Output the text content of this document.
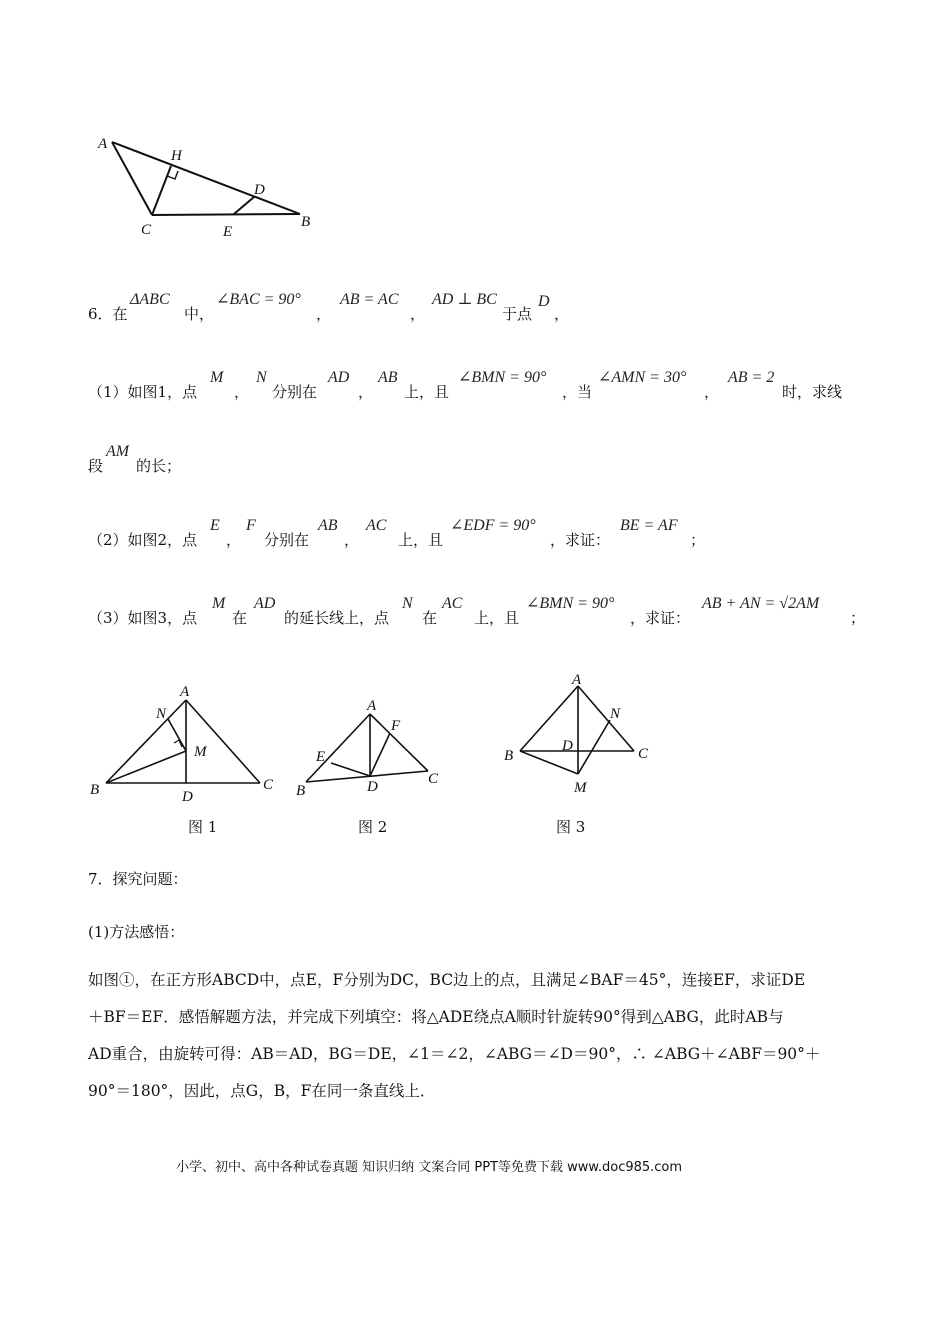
A
H
D
C	E
B
6．在
ΔABC
中，
∠BAC = 90°
，
AB = AC
，
AD ⊥ BC
于点
D
，
（1）如图1，点
M
，
N
分别在
AD
，
AB
上，且
∠BMN = 90°
，当
∠AMN = 30°
，
AB = 2
时，求线
段
AM
的长；
（2）如图2，点
E
，
F
分别在
AB
，
AC
上，且
∠EDF = 90°
，求证：
BE = AF
；
（3）如图3，点
M
在
AD
的延长线上，点
N
在
AC
上，且
∠BMN = 90°
，求证：
AB + AN = √2AM
；
A
N
M
B	D
C
图 1
A
F
E
B	D	C
图 2
A
N
D
B	C
M
图 3
7．探究问题：
(1)方法感悟：
如图①，在正方形ABCD中，点E，F分别为DC，BC边上的点，且满足∠BAF＝45°，连接EF，求证DE
＋BF＝EF．感悟解题方法，并完成下列填空：将△ADE绕点A顺时针旋转90°得到△ABG，此时AB与
AD重合，由旋转可得：AB＝AD，BG＝DE，∠1＝∠2，∠ABG＝∠D＝90°，∴ ∠ABG＋∠ABF＝90°＋
90°＝180°，因此，点G，B，F在同一条直线上．
小学、初中、高中各种试卷真题 知识归纳 文案合同 PPT等免费下载 www.doc985.com
